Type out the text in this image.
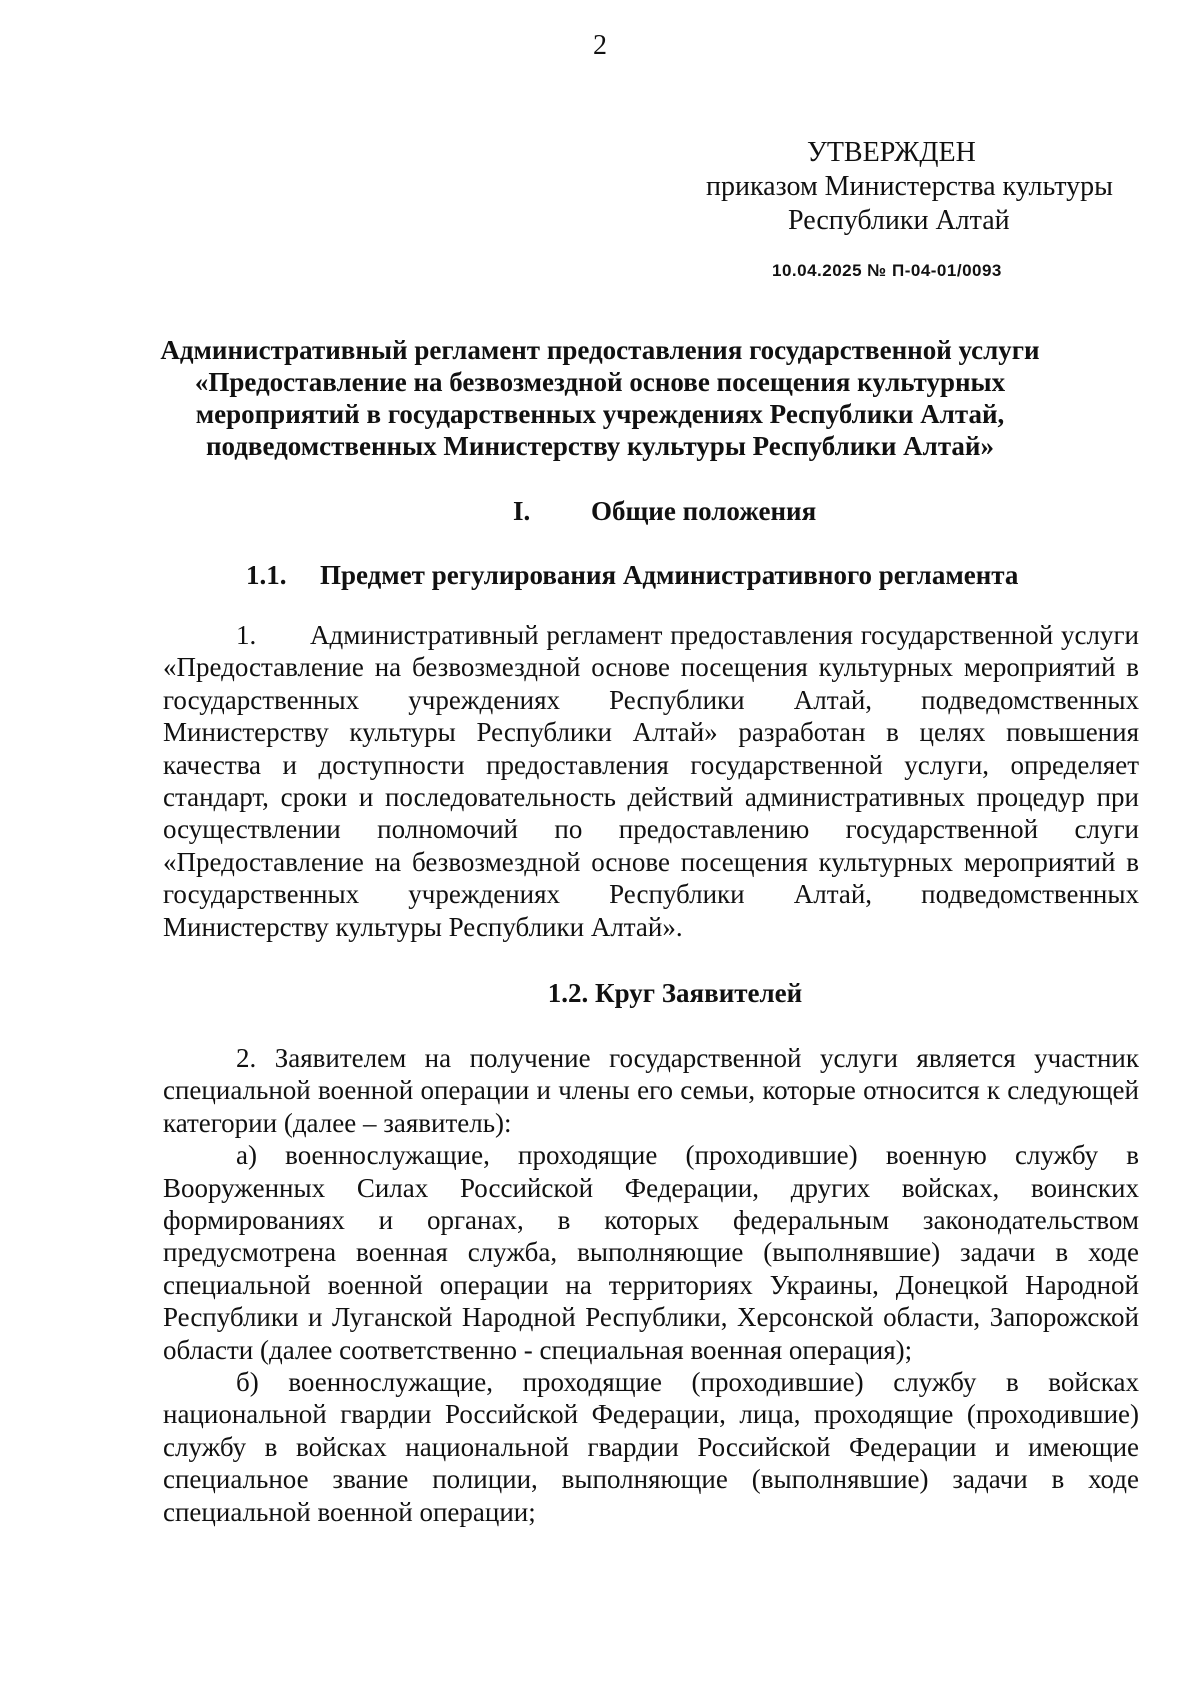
2
УТВЕРЖДЕН
приказом Министерства культуры
Республики Алтай
10.04.2025 № П-04-01/0093
Административный регламент предоставления государственной услуги
«Предоставление на безвозмездной основе посещения культурных
мероприятий в государственных учреждениях Республики Алтай,
подведомственных Министерству культуры Республики Алтай»
I. Общие положения
1.1. Предмет регулирования Административного регламента

1. Административный регламент предоставления государственной услуги «Предоставление на безвозмездной основе посещения культурных мероприятий в государственных учреждениях Республики Алтай, подведомственных Министерству культуры Республики Алтай» разработан в целях повышения качества и доступности предоставления государственной услуги, определяет стандарт, сроки и последовательность действий административных процедур при осуществлении полномочий по предоставлению государственной слуги «Предоставление на безвозмездной основе посещения культурных мероприятий в государственных учреждениях Республики Алтай, подведомственных Министерству культуры Республики Алтай».

1.2. Круг Заявителей

2. Заявителем на получение государственной услуги является участник специальной военной операции и члены его семьи, которые относится к следующей категории (далее – заявитель):

а) военнослужащие, проходящие (проходившие) военную службу в Вооруженных Силах Российской Федерации, других войсках, воинских формированиях и органах, в которых федеральным законодательством предусмотрена военная служба, выполняющие (выполнявшие) задачи в ходе специальной военной операции на территориях Украины, Донецкой Народной Республики и Луганской Народной Республики, Херсонской области, Запорожской области (далее соответственно - специальная военная операция);

б) военнослужащие, проходящие (проходившие) службу в войсках национальной гвардии Российской Федерации, лица, проходящие (проходившие) службу в войсках национальной гвардии Российской Федерации и имеющие специальное звание полиции, выполняющие (выполнявшие) задачи в ходе специальной военной операции;
